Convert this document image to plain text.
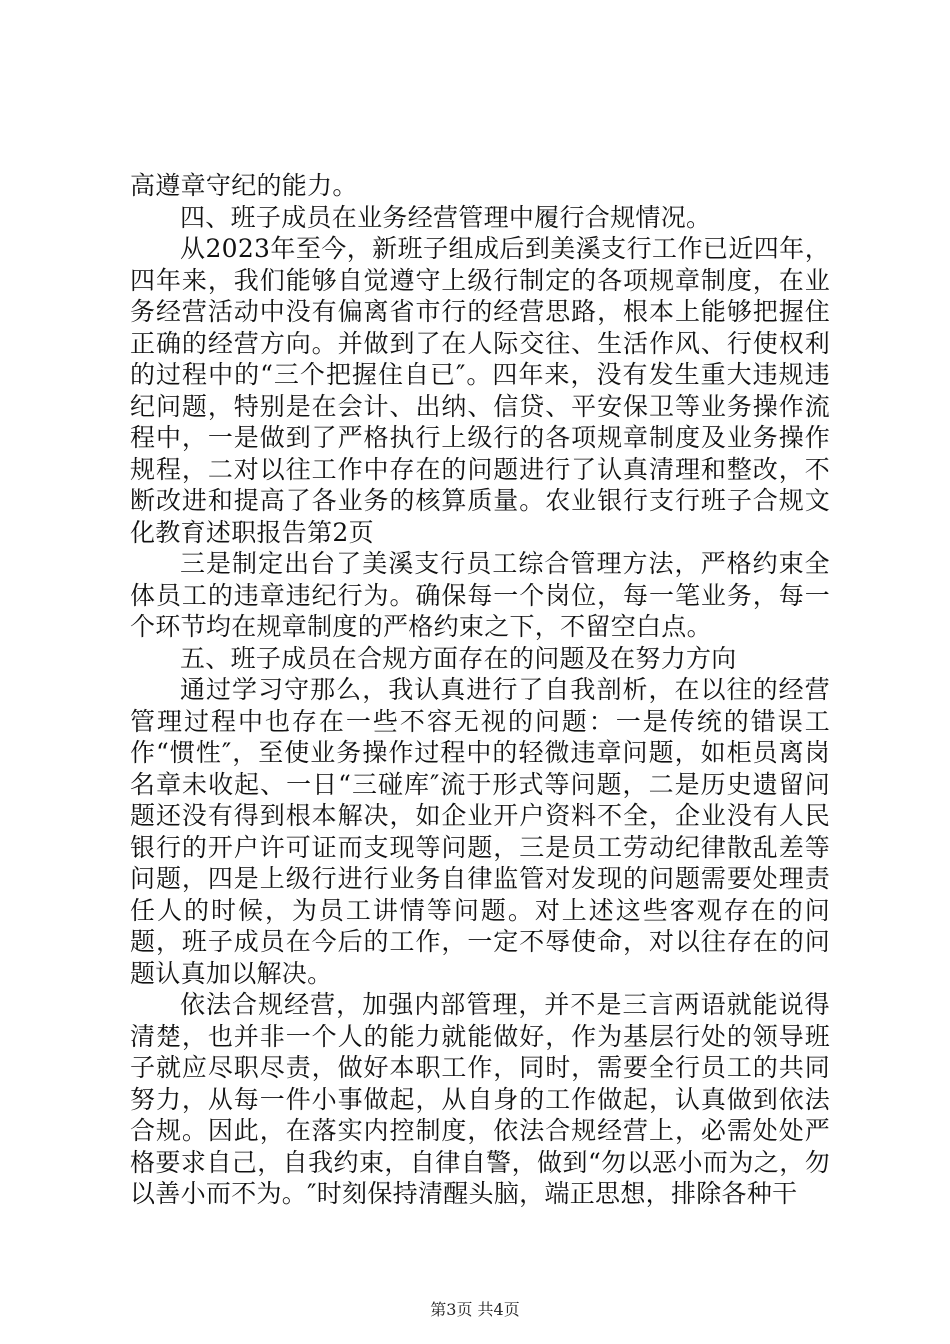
高遵章守纪的能力。

四、班子成员在业务经营管理中履行合规情况。

从2023年至今，新班子组成后到美溪支行工作已近四年，四年来，我们能够自觉遵守上级行制定的各项规章制度，在业务经营活动中没有偏离省市行的经营思路，根本上能够把握住正确的经营方向。并做到了在人际交往、生活作风、行使权利的过程中的“三个把握住自已″。四年来，没有发生重大违规违纪问题，特别是在会计、出纳、信贷、平安保卫等业务操作流程中，一是做到了严格执行上级行的各项规章制度及业务操作规程，二对以往工作中存在的问题进行了认真清理和整改，不断改进和提高了各业务的核算质量。农业银行支行班子合规文化教育述职报告第2页

三是制定出台了美溪支行员工综合管理方法，严格约束全体员工的违章违纪行为。确保每一个岗位，每一笔业务，每一个环节均在规章制度的严格约束之下，不留空白点。

五、班子成员在合规方面存在的问题及在努力方向

通过学习守那么，我认真进行了自我剖析，在以往的经营管理过程中也存在一些不容无视的问题：一是传统的错误工作“惯性″，至使业务操作过程中的轻微违章问题，如柜员离岗名章未收起、一日“三碰库″流于形式等问题，二是历史遗留问题还没有得到根本解决，如企业开户资料不全，企业没有人民银行的开户许可证而支现等问题，三是员工劳动纪律散乱差等问题，四是上级行进行业务自律监管对发现的问题需要处理责任人的时候，为员工讲情等问题。对上述这些客观存在的问题，班子成员在今后的工作，一定不辱使命，对以往存在的问题认真加以解决。

依法合规经营，加强内部管理，并不是三言两语就能说得清楚，也并非一个人的能力就能做好，作为基层行处的领导班子就应尽职尽责，做好本职工作，同时，需要全行员工的共同努力，从每一件小事做起，从自身的工作做起，认真做到依法合规。因此，在落实内控制度，依法合规经营上，必需处处严格要求自己，自我约束，自律自警，做到“勿以恶小而为之，勿以善小而不为。″时刻保持清醒头脑，端正思想，排除各种干

第3页 共4页
